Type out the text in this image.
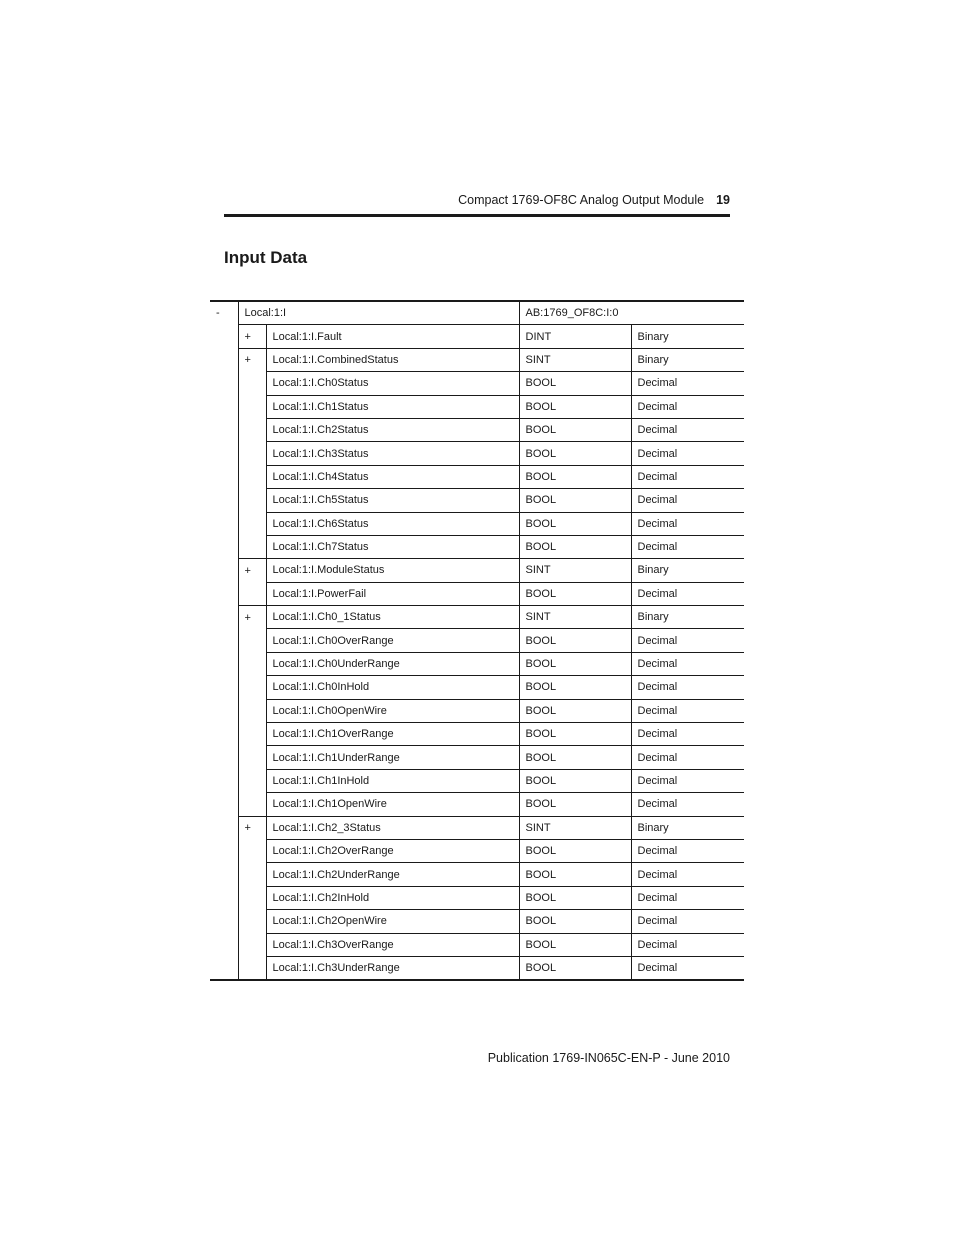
Compact 1769-OF8C Analog Output Module 19
Input Data
-	Local:1:I		AB:1769_OF8C:I:0	
	+	Local:1:I.Fault	DINT	Binary
	+	Local:1:I.CombinedStatus	SINT	Binary
		Local:1:I.Ch0Status	BOOL	Decimal
		Local:1:I.Ch1Status	BOOL	Decimal
		Local:1:I.Ch2Status	BOOL	Decimal
		Local:1:I.Ch3Status	BOOL	Decimal
		Local:1:I.Ch4Status	BOOL	Decimal
		Local:1:I.Ch5Status	BOOL	Decimal
		Local:1:I.Ch6Status	BOOL	Decimal
		Local:1:I.Ch7Status	BOOL	Decimal
	+	Local:1:I.ModuleStatus	SINT	Binary
		Local:1:I.PowerFail	BOOL	Decimal
	+	Local:1:I.Ch0_1Status	SINT	Binary
		Local:1:I.Ch0OverRange	BOOL	Decimal
		Local:1:I.Ch0UnderRange	BOOL	Decimal
		Local:1:I.Ch0InHold	BOOL	Decimal
		Local:1:I.Ch0OpenWire	BOOL	Decimal
		Local:1:I.Ch1OverRange	BOOL	Decimal
		Local:1:I.Ch1UnderRange	BOOL	Decimal
		Local:1:I.Ch1InHold	BOOL	Decimal
		Local:1:I.Ch1OpenWire	BOOL	Decimal
	+	Local:1:I.Ch2_3Status	SINT	Binary
		Local:1:I.Ch2OverRange	BOOL	Decimal
		Local:1:I.Ch2UnderRange	BOOL	Decimal
		Local:1:I.Ch2InHold	BOOL	Decimal
		Local:1:I.Ch2OpenWire	BOOL	Decimal
		Local:1:I.Ch3OverRange	BOOL	Decimal
		Local:1:I.Ch3UnderRange	BOOL	Decimal
Publication 1769-IN065C-EN-P - June 2010
